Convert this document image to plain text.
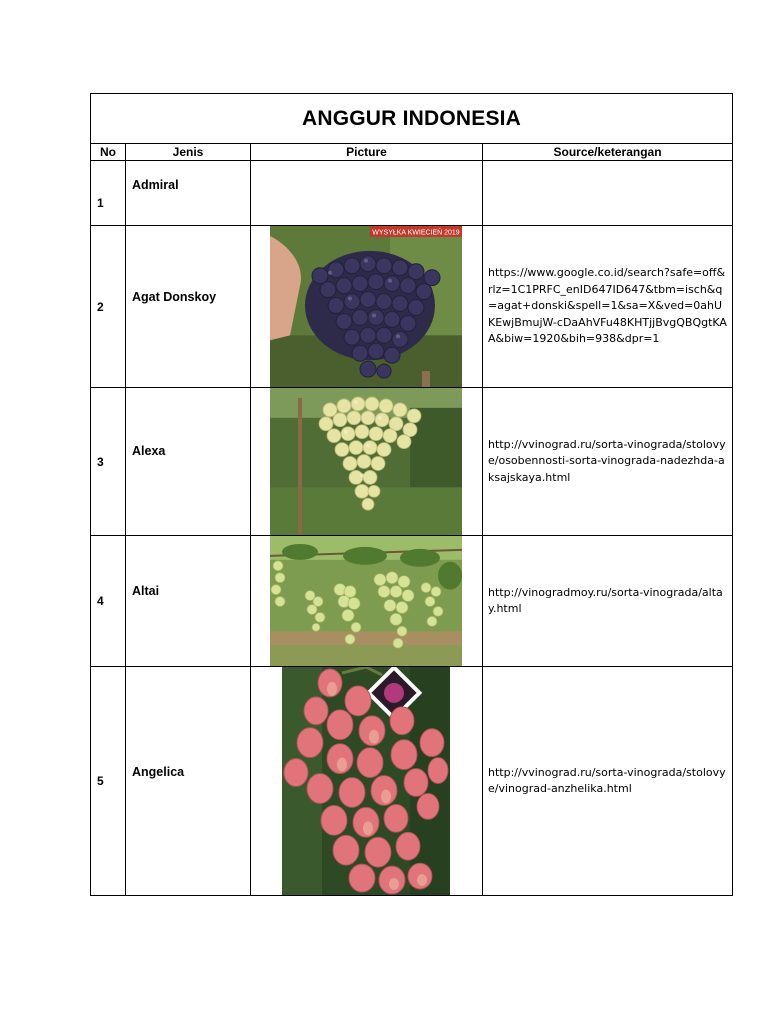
ANGGUR INDONESIA			
No	Jenis	Picture	Source/keterangan
1	Admiral		

2	Agat Donskoy	WYSYŁKA KWIECIEŃ 2019	https://www.google.co.id/search?safe=off&rlz=1C1PRFC_enID647ID647&tbm=isch&q=agat+donski&spell=1&sa=X&ved=0ahUKEwjBmujW-cDaAhVFu48KHTjjBvgQBQgtKAA&biw=1920&bih=938&dpr=1
3	Alexa		http://vvinograd.ru/sorta-vinograda/stolovye/osobennosti-sorta-vinograda-nadezhda-aksajskaya.html
4	Altai		http://vinogradmoy.ru/sorta-vinograda/altay.html
5	Angelica		http://vvinograd.ru/sorta-vinograda/stolovye/vinograd-anzhelika.html
